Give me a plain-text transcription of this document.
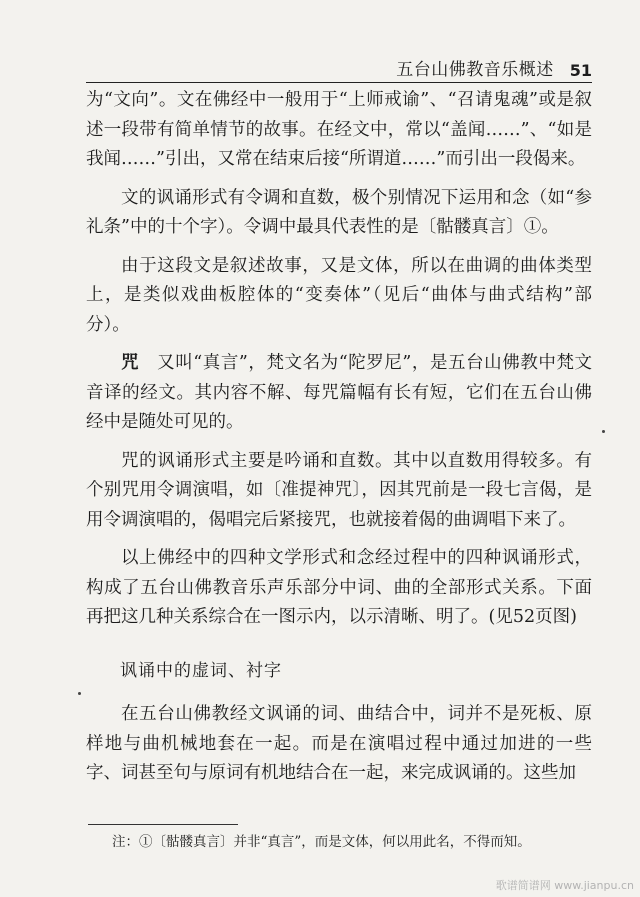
五台山佛教音乐概述 51

为“文向”。文在佛经中一般用于“上师戒谕”、“召请鬼魂”或是叙述一段带有简单情节的故事。在经文中，常以“盖闻……”、“如是我闻……”引出，又常在结束后接“所谓道……”而引出一段偈来。

文的讽诵形式有令调和直数，极个别情况下运用和念（如“参礼条”中的十个字）。令调中最具代表性的是〔骷髅真言〕①。

由于这段文是叙述故事，又是文体，所以在曲调的曲体类型上，是类似戏曲板腔体的“变奏体”（见后“曲体与曲式结构”部分）。

咒　又叫“真言”，梵文名为“陀罗尼”，是五台山佛教中梵文音译的经文。其内容不解、每咒篇幅有长有短，它们在五台山佛经中是随处可见的。

咒的讽诵形式主要是吟诵和直数。其中以直数用得较多。有个别咒用令调演唱，如〔准提神咒〕，因其咒前是一段七言偈，是用令调演唱的，偈唱完后紧接咒，也就接着偈的曲调唱下来了。

以上佛经中的四种文学形式和念经过程中的四种讽诵形式，构成了五台山佛教音乐声乐部分中词、曲的全部形式关系。下面再把这几种关系综合在一图示内，以示清晰、明了。(见52页图)

讽诵中的虚词、衬字

在五台山佛教经文讽诵的词、曲结合中，词并不是死板、原样地与曲机械地套在一起。而是在演唱过程中通过加进的一些字、词甚至句与原词有机地结合在一起，来完成讽诵的。这些加

注：①〔骷髅真言〕并非“真言”，而是文体，何以用此名，不得而知。
歌谱简谱网 www.jianpu.cn
